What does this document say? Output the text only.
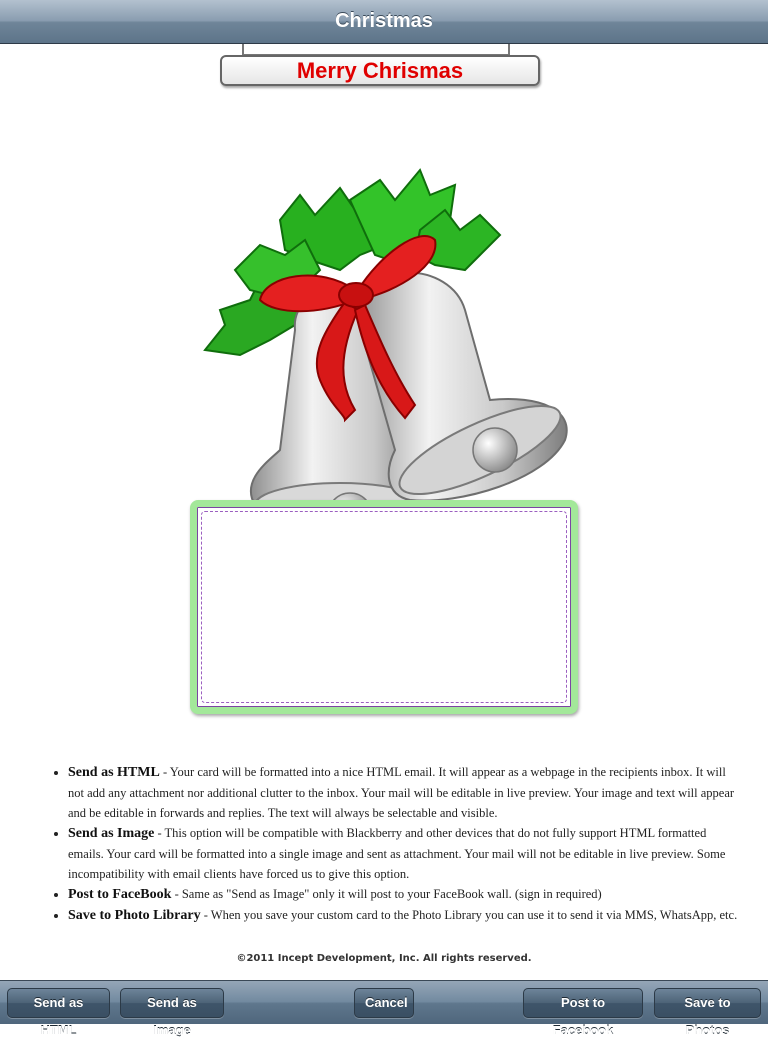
Christmas
Merry Chrismas
• Send as HTML - Your card will be formatted into a nice HTML email. It will appear as a webpage in the recipients inbox. It will not add any attachment nor additional clutter to the inbox. Your mail will be editable in live preview. Your image and text will appear and be editable in forwards and replies. The text will always be selectable and visible.
• Send as Image - This option will be compatible with Blackberry and other devices that do not fully support HTML formatted emails. Your card will be formatted into a single image and sent as attachment. Your mail will not be editable in live preview. Some incompatibility with email clients have forced us to give this option.
• Post to FaceBook - Same as "Send as Image" only it will post to your FaceBook wall. (sign in required)
• Save to Photo Library - When you save your custom card to the Photo Library you can use it to send it via MMS, WhatsApp, etc.
©2011 Incept Development, Inc. All rights reserved.
Send as HTML
Send as Image
Cancel	Post to Facebook
Save to Photos
